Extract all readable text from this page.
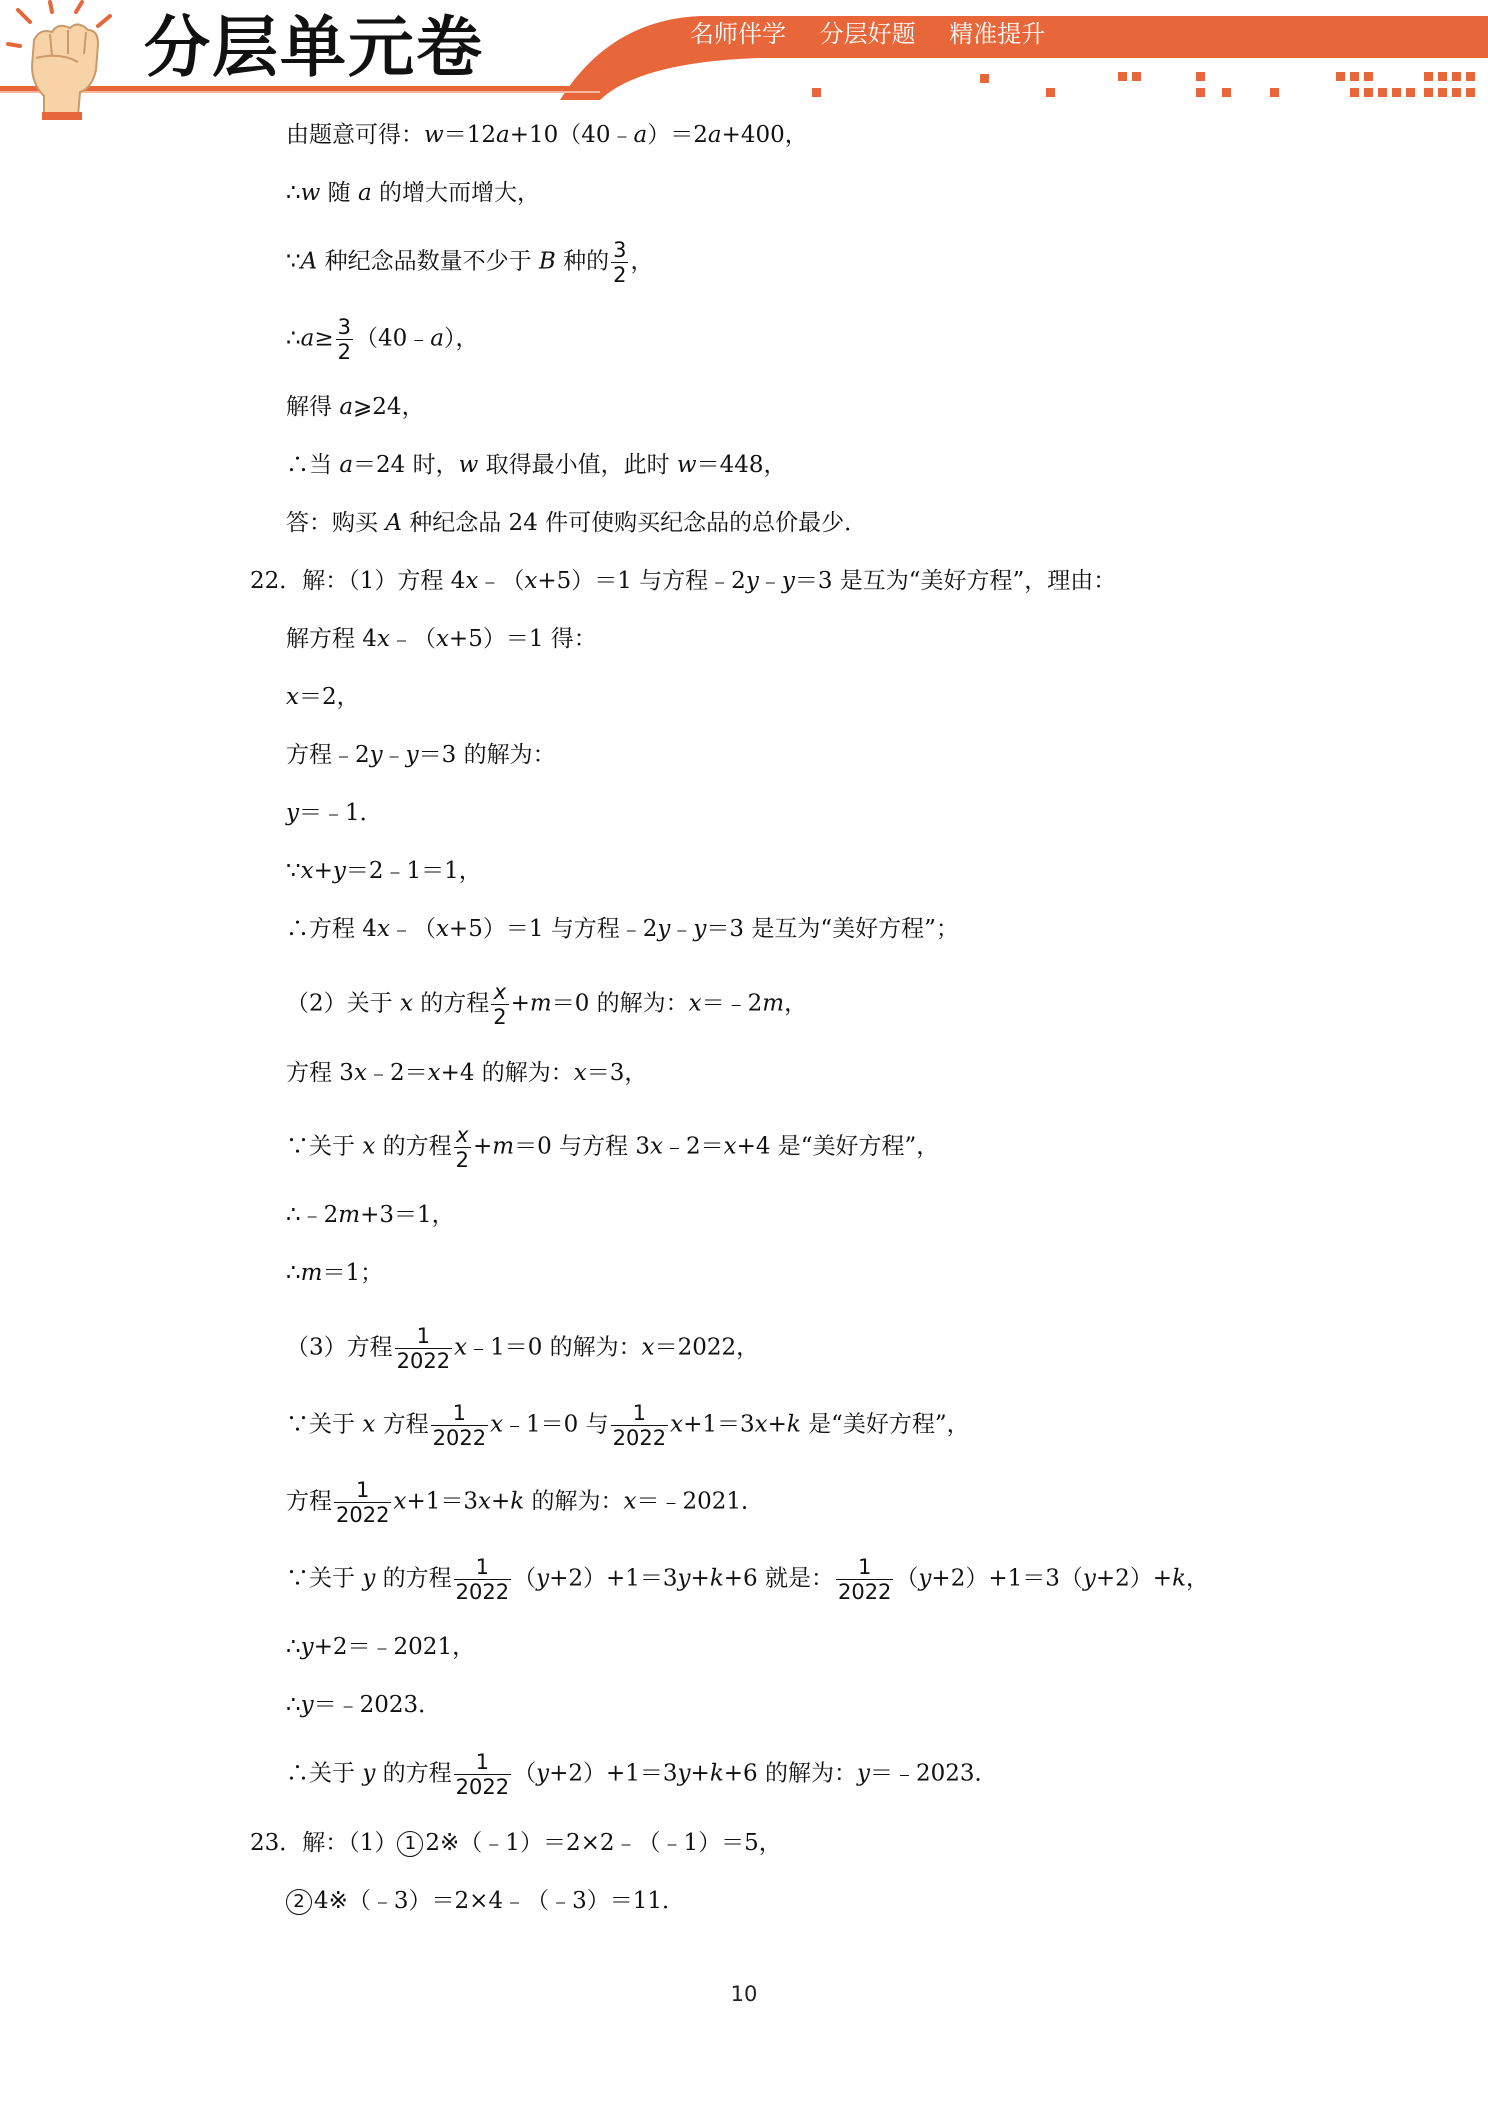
分层单元卷	名师伴学 分层好题 精准提升
由题意可得：w＝12a+10（40﹣a）＝2a+400，
∴w 随 a 的增大而增大，
∵A 种纪念品数量不少于 B 种的 $\frac{3}{2}$ ，
∴a≥ $\frac{3}{2}$ （40﹣a），
解得 a⩾24，
∴当 a＝24 时，w 取得最小值，此时 w＝448，
答：购买 A 种纪念品 24 件可使购买纪念品的总价最少．
22．解：（1）方程 4x﹣（x+5）＝1 与方程﹣2y﹣y＝3 是互为“美好方程”，理由：
解方程 4x﹣（x+5）＝1 得：
x＝2，
方程﹣2y﹣y＝3 的解为：
y＝﹣1．
∵x+y＝2﹣1＝1，
∴方程 4x﹣（x+5）＝1 与方程﹣2y﹣y＝3 是互为“美好方程”；
（2）关于 x 的方程 $\frac{x}{2} +m=0$ 的解为：x＝﹣2m，
方程 3x﹣2＝x+4 的解为：x＝3，
∵关于 x 的方程 $\frac{x}{2} +m=0$ 与方程 3x﹣2＝x+4 是“美好方程”，
∴﹣2m+3＝1，
∴m＝1；
（3）方程 $\frac{1}{2022}$ x﹣1＝0 的解为：x＝2022，
∵关于 x 方程 $\frac{1}{2022}$ x﹣1＝0 与 $\frac{1}{2022} x+1=3x+k$ 是“美好方程”，
方程 $\frac{1}{2022} x+1=3x+k$ 的解为：x＝﹣2021．
∵关于 y 的方程 $\frac{1}{2022} (y+2)+1=3y+k+6$ 就是： $\frac{1}{2022} (y+2)+1=3(y+2)+k$，
∴y+2＝﹣2021，
∴y＝﹣2023．
∴关于 y 的方程 $\frac{1}{2022} (y+2)+1=3y+k+6$ 的解为：y＝﹣2023．
23．解：（1） 1 2※（﹣1）＝2×2﹣（﹣1）＝5，
2 4※（﹣3）＝2×4﹣（﹣3）＝11．
10
